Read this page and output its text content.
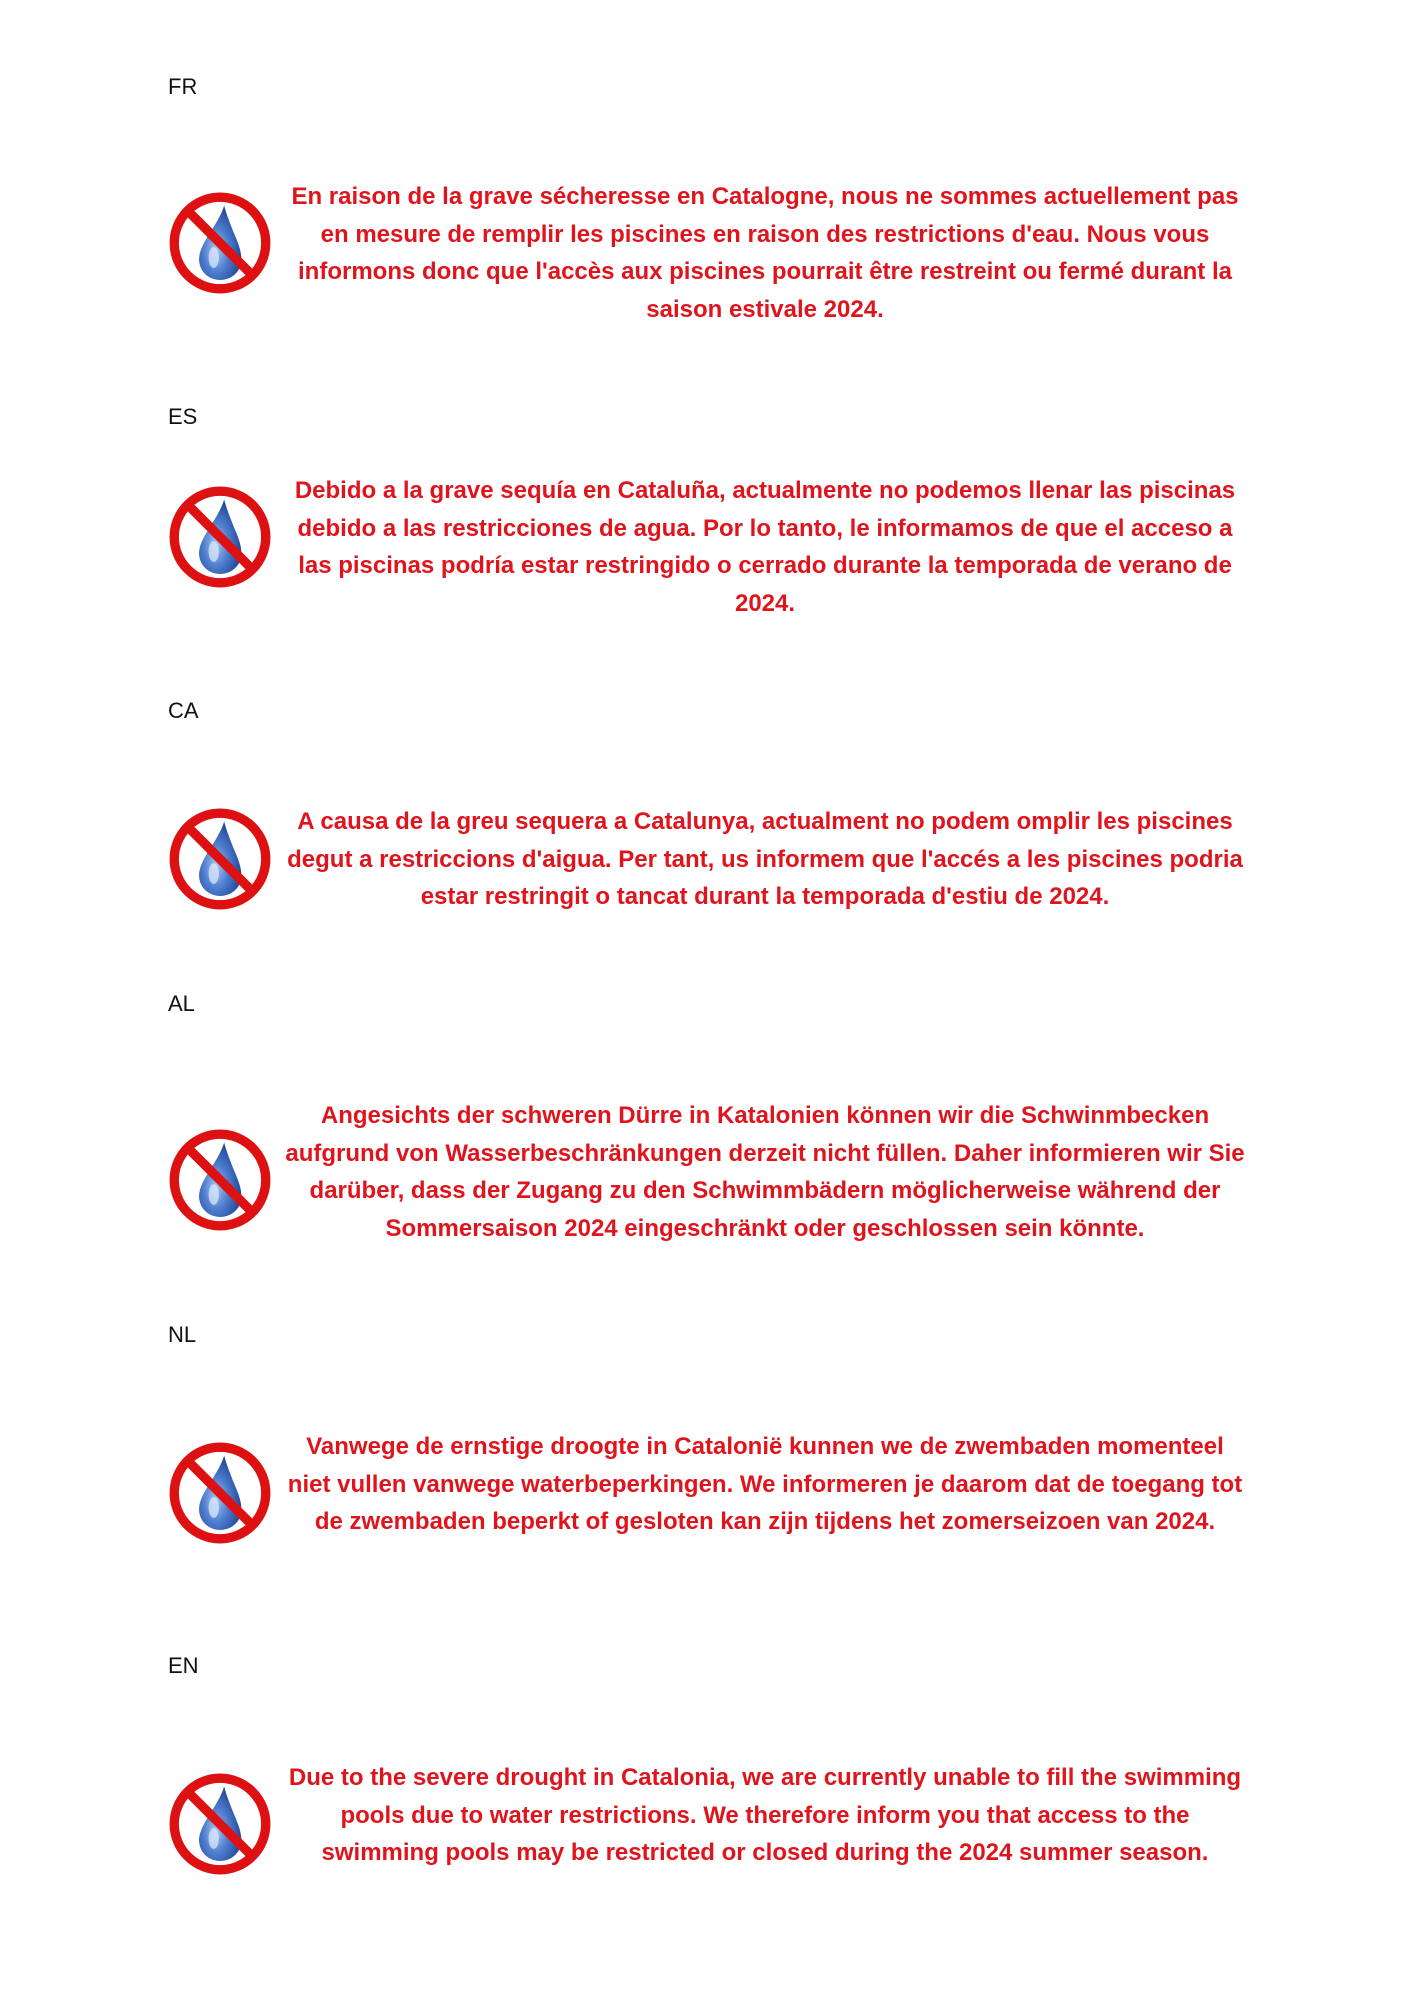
FR

En raison de la grave sécheresse en Catalogne, nous ne sommes actuellement pas en mesure de remplir les piscines en raison des restrictions d'eau. Nous vous informons donc que l'accès aux piscines pourrait être restreint ou fermé durant la saison estivale 2024.

ES

Debido a la grave sequía en Cataluña, actualmente no podemos llenar las piscinas debido a las restricciones de agua. Por lo tanto, le informamos de que el acceso a las piscinas podría estar restringido o cerrado durante la temporada de verano de 2024.

CA

A causa de la greu sequera a Catalunya, actualment no podem omplir les piscines degut a restriccions d'aigua. Per tant, us informem que l'accés a les piscines podria estar restringit o tancat durant la temporada d'estiu de 2024.

AL

Angesichts der schweren Dürre in Katalonien können wir die Schwinmbecken aufgrund von Wasserbeschränkungen derzeit nicht füllen. Daher informieren wir Sie darüber, dass der Zugang zu den Schwimmbädern möglicherweise während der Sommersaison 2024 eingeschränkt oder geschlossen sein könnte.

NL

Vanwege de ernstige droogte in Catalonië kunnen we de zwembaden momenteel niet vullen vanwege waterbeperkingen. We informeren je daarom dat de toegang tot de zwembaden beperkt of gesloten kan zijn tijdens het zomerseizoen van 2024.

EN

Due to the severe drought in Catalonia, we are currently unable to fill the swimming pools due to water restrictions. We therefore inform you that access to the swimming pools may be restricted or closed during the 2024 summer season.
